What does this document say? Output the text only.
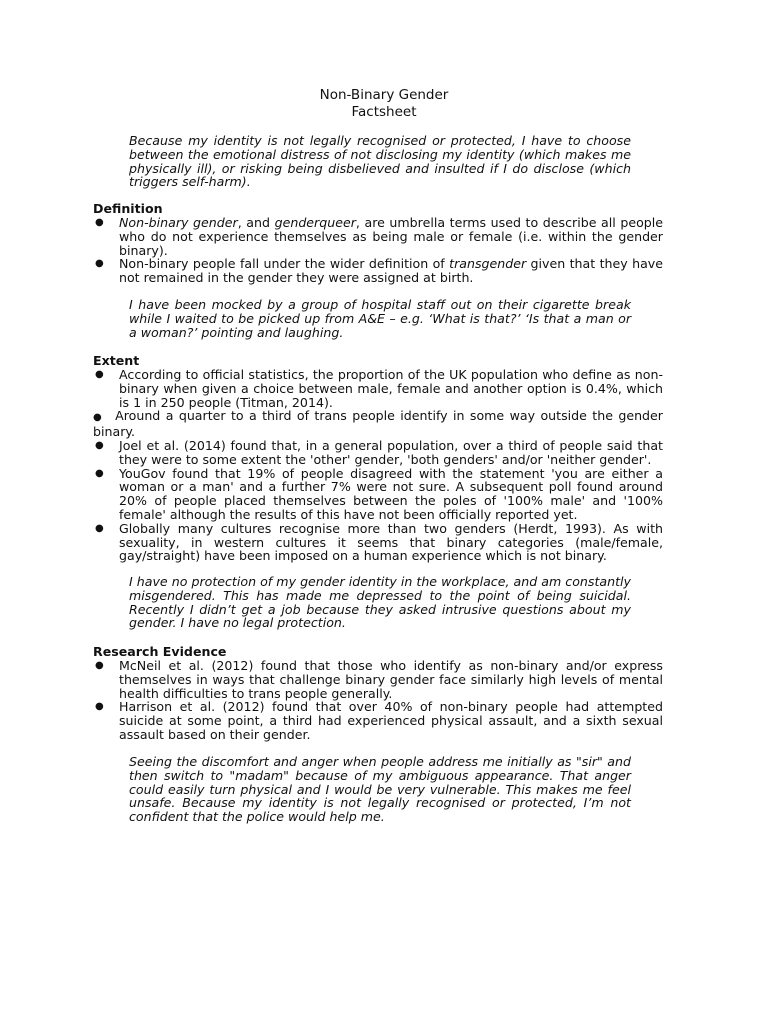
Non-Binary Gender

Factsheet

Because my identity is not legally recognised or protected, I have to choose between the emotional distress of not disclosing my identity (which makes me physically ill), or risking being disbelieved and insulted if I do disclose (which triggers self-harm).

Definition

● Non-binary gender, and genderqueer, are umbrella terms used to describe all people who do not experience themselves as being male or female (i.e. within the gender binary).
● Non-binary people fall under the wider definition of transgender given that they have not remained in the gender they were assigned at birth.

I have been mocked by a group of hospital staff out on their cigarette break while I waited to be picked up from A&E – e.g. ‘What is that?’ ‘Is that a man or a woman?’ pointing and laughing.

Extent

● According to official statistics, the proportion of the UK population who define as non-binary when given a choice between male, female and another option is 0.4%, which is 1 in 250 people (Titman, 2014).
● Around a quarter to a third of trans people identify in some way outside the gender binary.
● Joel et al. (2014) found that, in a general population, over a third of people said that they were to some extent the 'other' gender, 'both genders' and/or 'neither gender'.
● YouGov found that 19% of people disagreed with the statement 'you are either a woman or a man' and a further 7% were not sure. A subsequent poll found around 20% of people placed themselves between the poles of '100% male' and '100% female' although the results of this have not been officially reported yet.
● Globally many cultures recognise more than two genders (Herdt, 1993). As with sexuality, in western cultures it seems that binary categories (male/female, gay/straight) have been imposed on a human experience which is not binary.

I have no protection of my gender identity in the workplace, and am constantly misgendered. This has made me depressed to the point of being suicidal. Recently I didn’t get a job because they asked intrusive questions about my gender. I have no legal protection.

Research Evidence

● McNeil et al. (2012) found that those who identify as non-binary and/or express themselves in ways that challenge binary gender face similarly high levels of mental health difficulties to trans people generally.
● Harrison et al. (2012) found that over 40% of non-binary people had attempted suicide at some point, a third had experienced physical assault, and a sixth sexual assault based on their gender.

Seeing the discomfort and anger when people address me initially as "sir" and then switch to "madam" because of my ambiguous appearance. That anger could easily turn physical and I would be very vulnerable. This makes me feel unsafe. Because my identity is not legally recognised or protected, I’m not confident that the police would help me.
